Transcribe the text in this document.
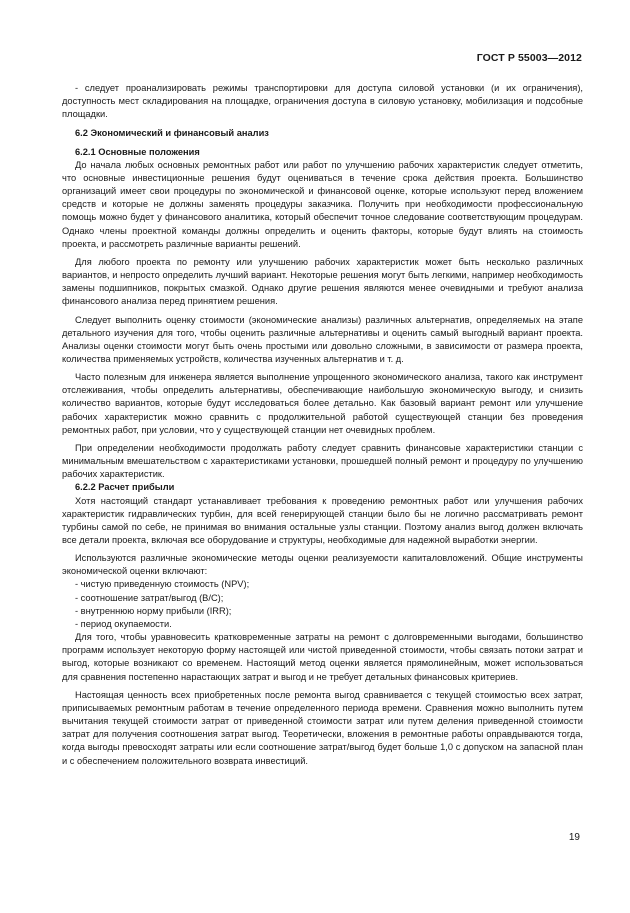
ГОСТ Р 55003—2012

- следует проанализировать режимы транспортировки для доступа силовой установки (и их ограничения), доступность мест складирования на площадке, ограничения доступа в силовую установку, мобилизация и подсобные площадки.

6.2 Экономический и финансовый анализ

6.2.1 Основные положения

До начала любых основных ремонтных работ или работ по улучшению рабочих характеристик следует отметить, что основные инвестиционные решения будут оцениваться в течение срока действия проекта. Большинство организаций имеет свои процедуры по экономической и финансовой оценке, которые используют перед вложением средств и которые не должны заменять процедуры заказчика. Получить при необходимости профессиональную помощь можно будет у финансового аналитика, который обеспечит точное следование соответствующим процедурам. Однако члены проектной команды должны определить и оценить факторы, которые будут влиять на стоимость проекта, и рассмотреть различные варианты решений.

Для любого проекта по ремонту или улучшению рабочих характеристик может быть несколько различных вариантов, и непросто определить лучший вариант. Некоторые решения могут быть легкими, например необходимость замены подшипников, покрытых смазкой. Однако другие решения являются менее очевидными и требуют анализа финансового анализа перед принятием решения.

Следует выполнить оценку стоимости (экономические анализы) различных альтернатив, определяемых на этапе детального изучения для того, чтобы оценить различные альтернативы и оценить самый выгодный вариант проекта. Анализы оценки стоимости могут быть очень простыми или довольно сложными, в зависимости от размера проекта, количества применяемых устройств, количества изученных альтернатив и т. д.

Часто полезным для инженера является выполнение упрощенного экономического анализа, такого как инструмент отслеживания, чтобы определить альтернативы, обеспечивающие наибольшую экономическую выгоду, и снизить количество вариантов, которые будут исследоваться более детально. Как базовый вариант ремонт или улучшение рабочих характеристик можно сравнить с продолжительной работой существующей станции без проведения ремонтных работ, при условии, что у существующей станции нет очевидных проблем.

При определении необходимости продолжать работу следует сравнить финансовые характеристики станции с минимальным вмешательством с характеристиками установки, прошедшей полный ремонт и процедуру по улучшению рабочих характеристик.

6.2.2 Расчет прибыли

Хотя настоящий стандарт устанавливает требования к проведению ремонтных работ или улучшения рабочих характеристик гидравлических турбин, для всей генерирующей станции было бы не логично рассматривать ремонт турбины самой по себе, не принимая во внимания остальные узлы станции. Поэтому анализ выгод должен включать все детали проекта, включая все оборудование и структуры, необходимые для надежной выработки энергии.

Используются различные экономические методы оценки реализуемости капиталовложений. Общие инструменты экономической оценки включают:

- чистую приведенную стоимость (NPV);

- соотношение затрат/выгод (B/C);

- внутреннюю норму прибыли (IRR);

- период окупаемости.

Для того, чтобы уравновесить кратковременные затраты на ремонт с долговременными выгодами, большинство программ использует некоторую форму настоящей или чистой приведенной стоимости, чтобы связать потоки затрат и выгод, которые возникают со временем. Настоящий метод оценки является прямолинейным, может использоваться для сравнения постепенно нарастающих затрат и выгод и не требует детальных финансовых критериев.

Настоящая ценность всех приобретенных после ремонта выгод сравнивается с текущей стоимостью всех затрат, приписываемых ремонтным работам в течение определенного периода времени. Сравнения можно выполнить путем вычитания текущей стоимости затрат от приведенной стоимости затрат или путем деления приведенной стоимости затрат для получения соотношения затрат выгод. Теоретически, вложения в ремонтные работы оправдываются тогда, когда выгоды превосходят затраты или если соотношение затрат/выгод будет больше 1,0 с допуском на запасной план и с обеспечением положительного возврата инвестиций.

19
